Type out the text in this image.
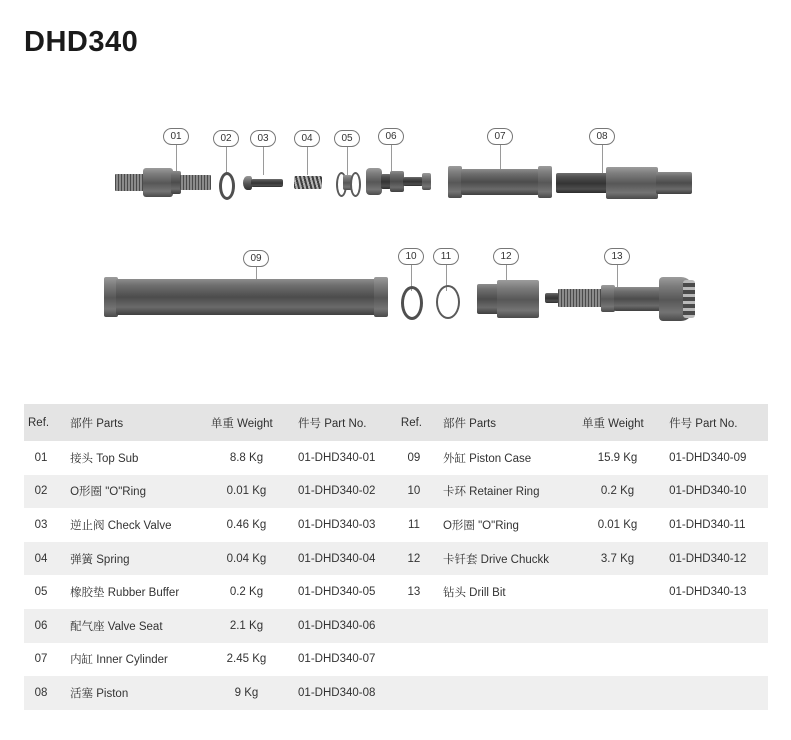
DHD340
01	02	03	04	05	06	07	08
09	10	11	12	13
Ref.	部件 Parts	单重 Weight	件号 Part No.	Ref.	部件 Parts	单重 Weight	件号 Part No.
01	接头 Top Sub	8.8 Kg	01-DHD340-01	09	外缸 Piston Case	15.9 Kg	01-DHD340-09
02	O形圈 "O"Ring	0.01 Kg	01-DHD340-02	10	卡环 Retainer Ring	0.2 Kg	01-DHD340-10
03	逆止阀 Check Valve	0.46 Kg	01-DHD340-03	11	O形圈 "O"Ring	0.01 Kg	01-DHD340-11
04	弹簧 Spring	0.04 Kg	01-DHD340-04	12	卡钎套 Drive Chuckk	3.7 Kg	01-DHD340-12
05	橡胶垫 Rubber Buffer	0.2 Kg	01-DHD340-05	13	钻头 Drill Bit		01-DHD340-13
06	配气座 Valve Seat	2.1 Kg	01-DHD340-06				
07	内缸 Inner Cylinder	2.45 Kg	01-DHD340-07				
08	活塞 Piston	9 Kg	01-DHD340-08				
